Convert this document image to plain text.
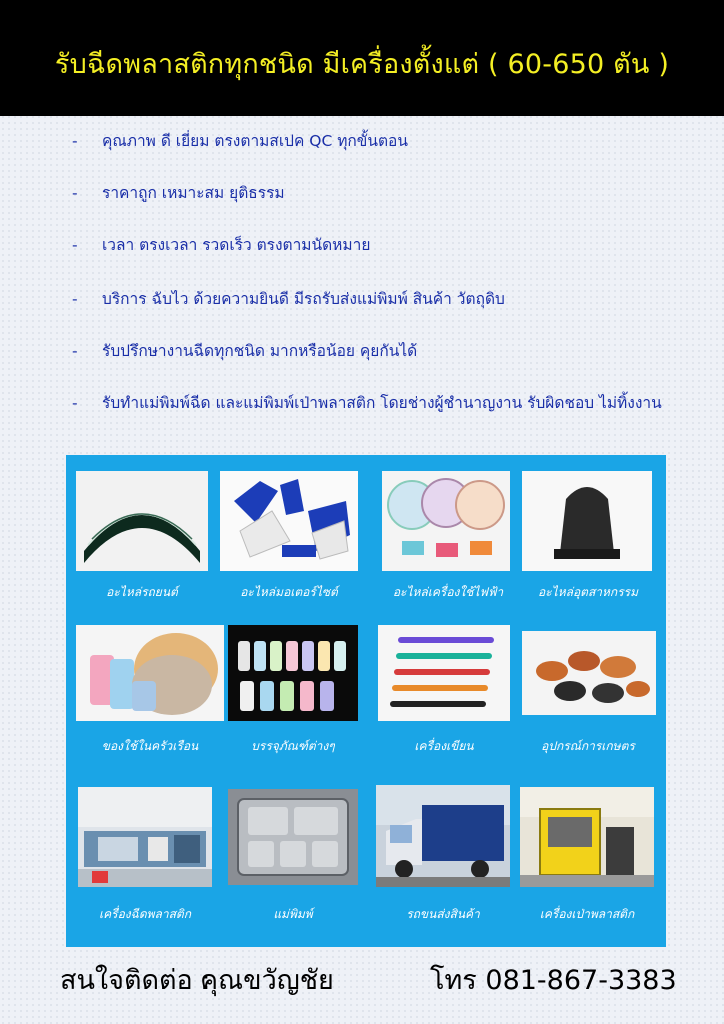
รับฉีดพลาสติกทุกชนิด มีเครื่องตั้งแต่ ( 60-650 ตัน )
- คุณภาพ ดี เยี่ยม ตรงตามสเปค QC ทุกขั้นตอน
- ราคาถูก เหมาะสม ยุติธรรม
- เวลา ตรงเวลา รวดเร็ว ตรงตามนัดหมาย
- บริการ ฉับไว ด้วยความยินดี มีรถรับส่งแม่พิมพ์ สินค้า วัตถุดิบ
- รับปรึกษางานฉีดทุกชนิด มากหรือน้อย คุยกันได้
- รับทำแม่พิมพ์ฉีด และแม่พิมพ์เป่าพลาสติก โดยช่างผู้ชำนาญงาน รับผิดชอบ ไม่ทิ้งงาน
อะไหล่รถยนต์	อะไหล่มอเตอร์ไซต์	อะไหล่เครื่องใช้ไฟฟ้า	อะไหล่อุตสาหกรรม
ของใช้ในครัวเรือน	บรรจุภัณฑ์ต่างๆ	เครื่องเขียน	อุปกรณ์การเกษตร
เครื่องฉีดพลาสติก	แม่พิมพ์	รถขนส่งสินค้า	เครื่องเป่าพลาสติก
สนใจติดต่อ :
คุณขวัญชัย	โทร 081-867-3383
